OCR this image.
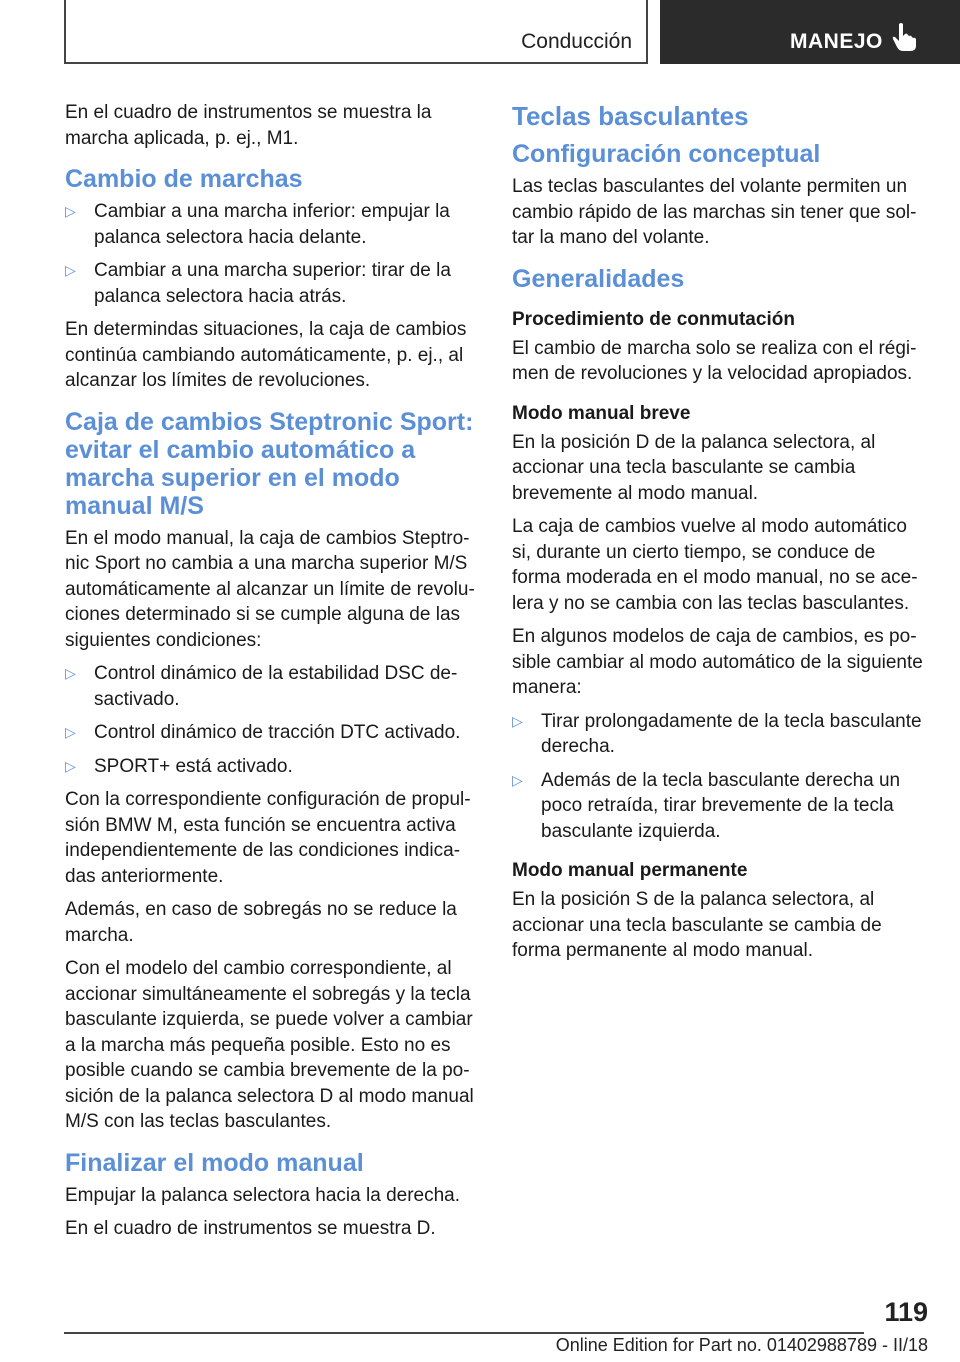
Conducción	MANEJO

En el cuadro de instrumentos se muestra la marcha aplicada, p. ej., M1.

Cambio de marchas
▷ Cambiar a una marcha inferior: empujar la palanca selectora hacia delante.
▷ Cambiar a una marcha superior: tirar de la palanca selectora hacia atrás.

En determindas situaciones, la caja de cambios continúa cambiando automáticamente, p. ej., al alcanzar los límites de revoluciones.

Caja de cambios Steptronic Sport: evitar el cambio automático a marcha superior en el modo manual M/S

En el modo manual, la caja de cambios Steptronic Sport no cambia a una marcha superior M/S automáticamente al alcanzar un límite de revoluciones determinado si se cumple alguna de las siguientes condiciones:

▷ Control dinámico de la estabilidad DSC desactivado.
▷ Control dinámico de tracción DTC activado.
▷ SPORT+ está activado.

Con la correspondiente configuración de propulsión BMW M, esta función se encuentra activa independientemente de las condiciones indicadas anteriormente.

Además, en caso de sobregás no se reduce la marcha.

Con el modelo del cambio correspondiente, al accionar simultáneamente el sobregás y la tecla basculante izquierda, se puede volver a cambiar a la marcha más pequeña posible. Esto no es posible cuando se cambia brevemente de la posición de la palanca selectora D al modo manual M/S con las teclas basculantes.

Finalizar el modo manual

Empujar la palanca selectora hacia la derecha.

En el cuadro de instrumentos se muestra D.

Teclas basculantes
Configuración conceptual

Las teclas basculantes del volante permiten un cambio rápido de las marchas sin tener que soltar la mano del volante.

Generalidades
Procedimiento de conmutación

El cambio de marcha solo se realiza con el régimen de revoluciones y la velocidad apropiados.

Modo manual breve

En la posición D de la palanca selectora, al accionar una tecla basculante se cambia brevemente al modo manual.

La caja de cambios vuelve al modo automático si, durante un cierto tiempo, se conduce de forma moderada en el modo manual, no se acelera y no se cambia con las teclas basculantes.

En algunos modelos de caja de cambios, es posible cambiar al modo automático de la siguiente manera:

▷ Tirar prolongadamente de la tecla basculante derecha.
▷ Además de la tecla basculante derecha un poco retraída, tirar brevemente de la tecla basculante izquierda.
Modo manual permanente

En la posición S de la palanca selectora, al accionar una tecla basculante se cambia de forma permanente al modo manual.

119
Online Edition for Part no. 01402988789 - II/18
